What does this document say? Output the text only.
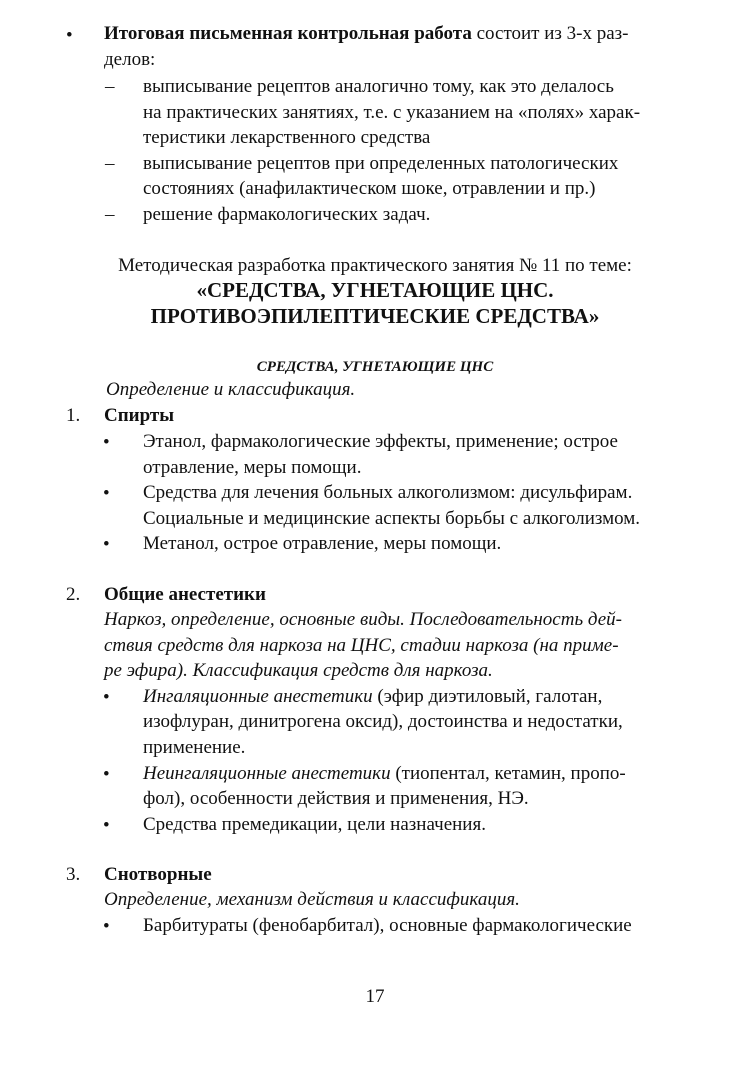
• Итоговая письменная контрольная работа состоит из 3-х раз-
делов:
– выписывание рецептов аналогично тому, как это делалось
на практических занятиях, т.е. с указанием на «полях» харак-
теристики лекарственного средства
– выписывание рецептов при определенных патологических
состояниях (анафилактическом шоке, отравлении и пр.)
– решение фармакологических задач.
Методическая разработка практического занятия № 11 по теме:
«СРЕДСТВА, УГНЕТАЮЩИЕ ЦНС.
ПРОТИВОЭПИЛЕПТИЧЕСКИЕ СРЕДСТВА»
СРЕДСТВА, УГНЕТАЮЩИЕ ЦНС
Определение и классификация.
1. Спирты
• Этанол, фармакологические эффекты, применение; острое
отравление, меры помощи.
• Средства для лечения больных алкоголизмом: дисульфирам.
Социальные и медицинские аспекты борьбы с алкоголизмом.
• Метанол, острое отравление, меры помощи.
2. Общие анестетики
Наркоз, определение, основные виды. Последовательность дей-
ствия средств для наркоза на ЦНС, стадии наркоза (на приме-
ре эфира). Классификация средств для наркоза.
• Ингаляционные анестетики (эфир диэтиловый, галотан,
изофлуран, динитрогена оксид), достоинства и недостатки,
применение.
• Неингаляционные анестетики (тиопентал, кетамин, пропо-
фол), особенности действия и применения, НЭ.
• Средства премедикации, цели назначения.
3. Снотворные
Определение, механизм действия и классификация.
• Барбитураты (фенобарбитал), основные фармакологические
17
